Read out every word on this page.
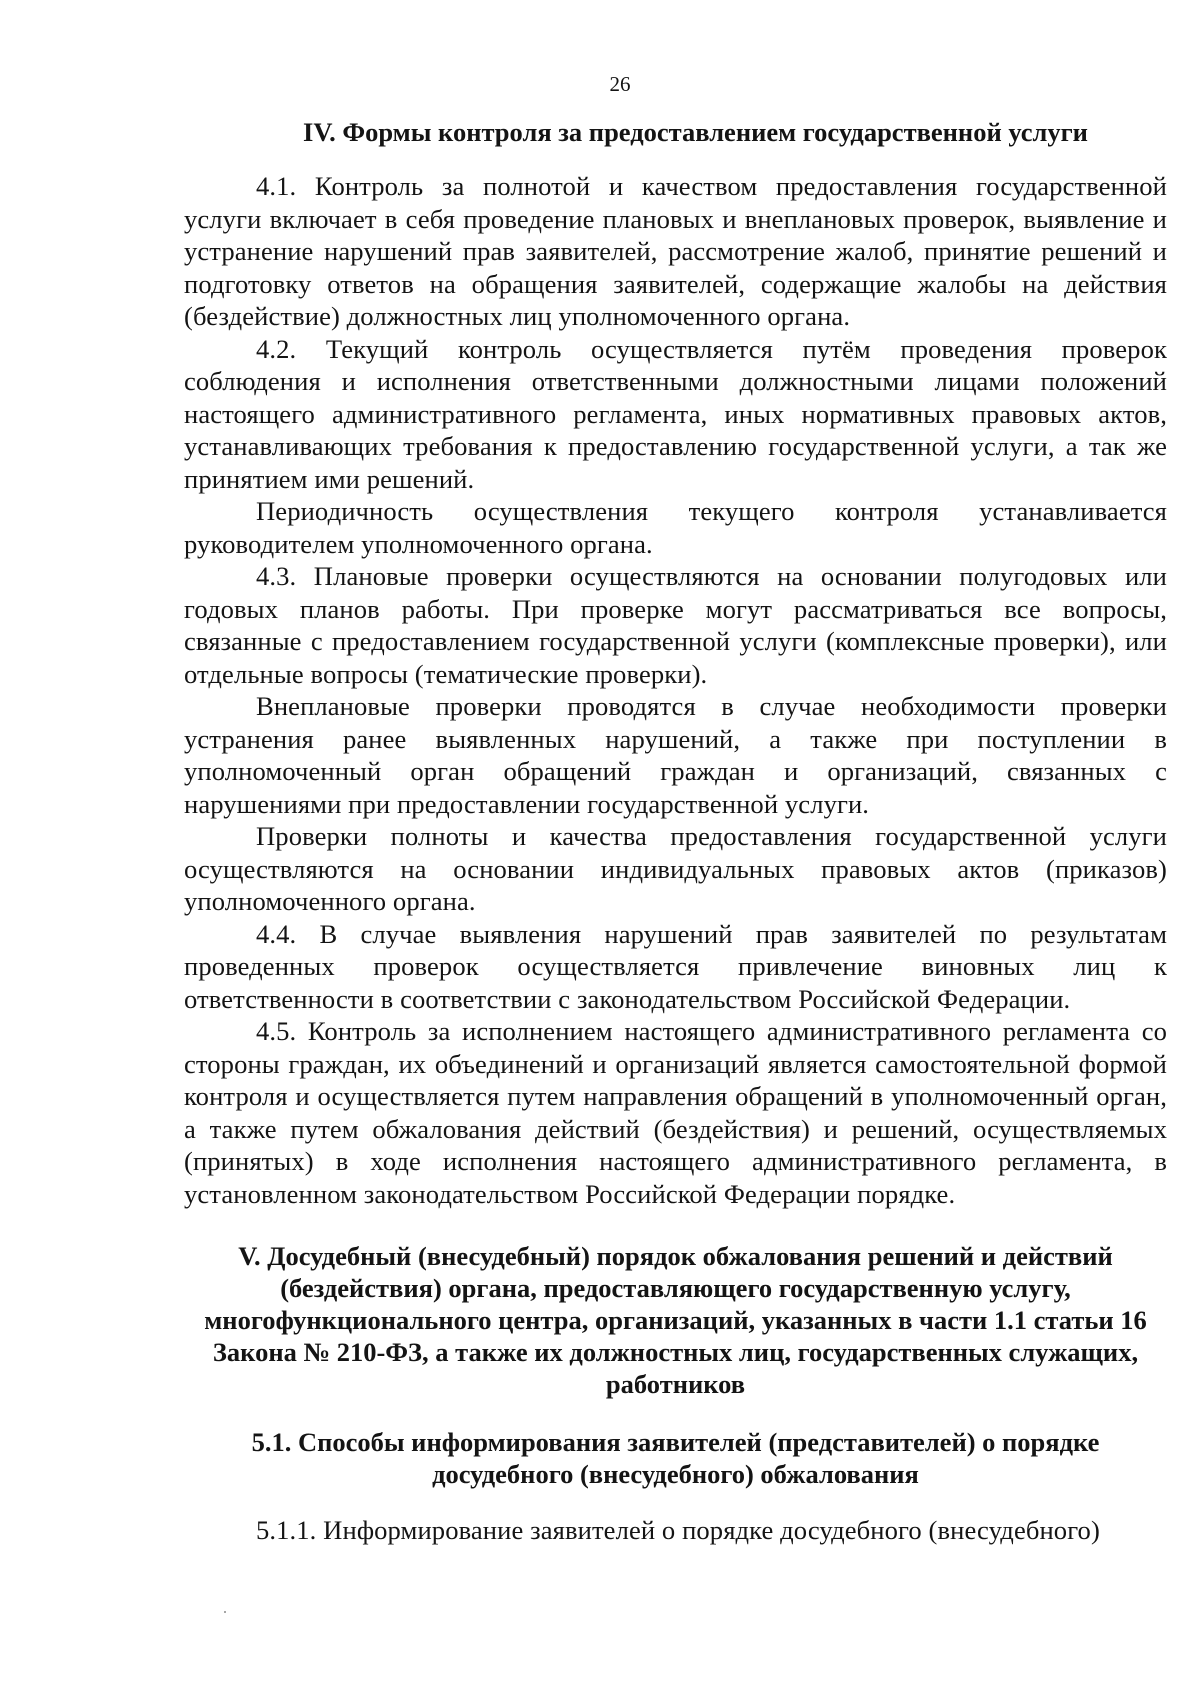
26

IV. Формы контроля за предоставлением государственной услуги

4.1. Контроль за полнотой и качеством предоставления государственной услуги включает в себя проведение плановых и внеплановых проверок, выявление и устранение нарушений прав заявителей, рассмотрение жалоб, принятие решений и подготовку ответов на обращения заявителей, содержащие жалобы на действия (бездействие) должностных лиц уполномоченного органа.

4.2. Текущий контроль осуществляется путём проведения проверок соблюдения и исполнения ответственными должностными лицами положений настоящего административного регламента, иных нормативных правовых актов, устанавливающих требования к предоставлению государственной услуги, а так же принятием ими решений.

Периодичность осуществления текущего контроля устанавливается руководителем уполномоченного органа.

4.3. Плановые проверки осуществляются на основании полугодовых или годовых планов работы. При проверке могут рассматриваться все вопросы, связанные с предоставлением государственной услуги (комплексные проверки), или отдельные вопросы (тематические проверки).

Внеплановые проверки проводятся в случае необходимости проверки устранения ранее выявленных нарушений, а также при поступлении в уполномоченный орган обращений граждан и организаций, связанных с нарушениями при предоставлении государственной услуги.

Проверки полноты и качества предоставления государственной услуги осуществляются на основании индивидуальных правовых актов (приказов) уполномоченного органа.

4.4. В случае выявления нарушений прав заявителей по результатам проведенных проверок осуществляется привлечение виновных лиц к ответственности в соответствии с законодательством Российской Федерации.

4.5. Контроль за исполнением настоящего административного регламента со стороны граждан, их объединений и организаций является самостоятельной формой контроля и осуществляется путем направления обращений в уполномоченный орган, а также путем обжалования действий (бездействия) и решений, осуществляемых (принятых) в ходе исполнения настоящего административного регламента, в установленном законодательством Российской Федерации порядке.

V. Досудебный (внесудебный) порядок обжалования решений и действий (бездействия) органа, предоставляющего государственную услугу, многофункционального центра, организаций, указанных в части 1.1 статьи 16 Закона № 210-ФЗ, а также их должностных лиц, государственных служащих, работников
5.1. Способы информирования заявителей (представителей) о порядке досудебного (внесудебного) обжалования

5.1.1. Информирование заявителей о порядке досудебного (внесудебного)
